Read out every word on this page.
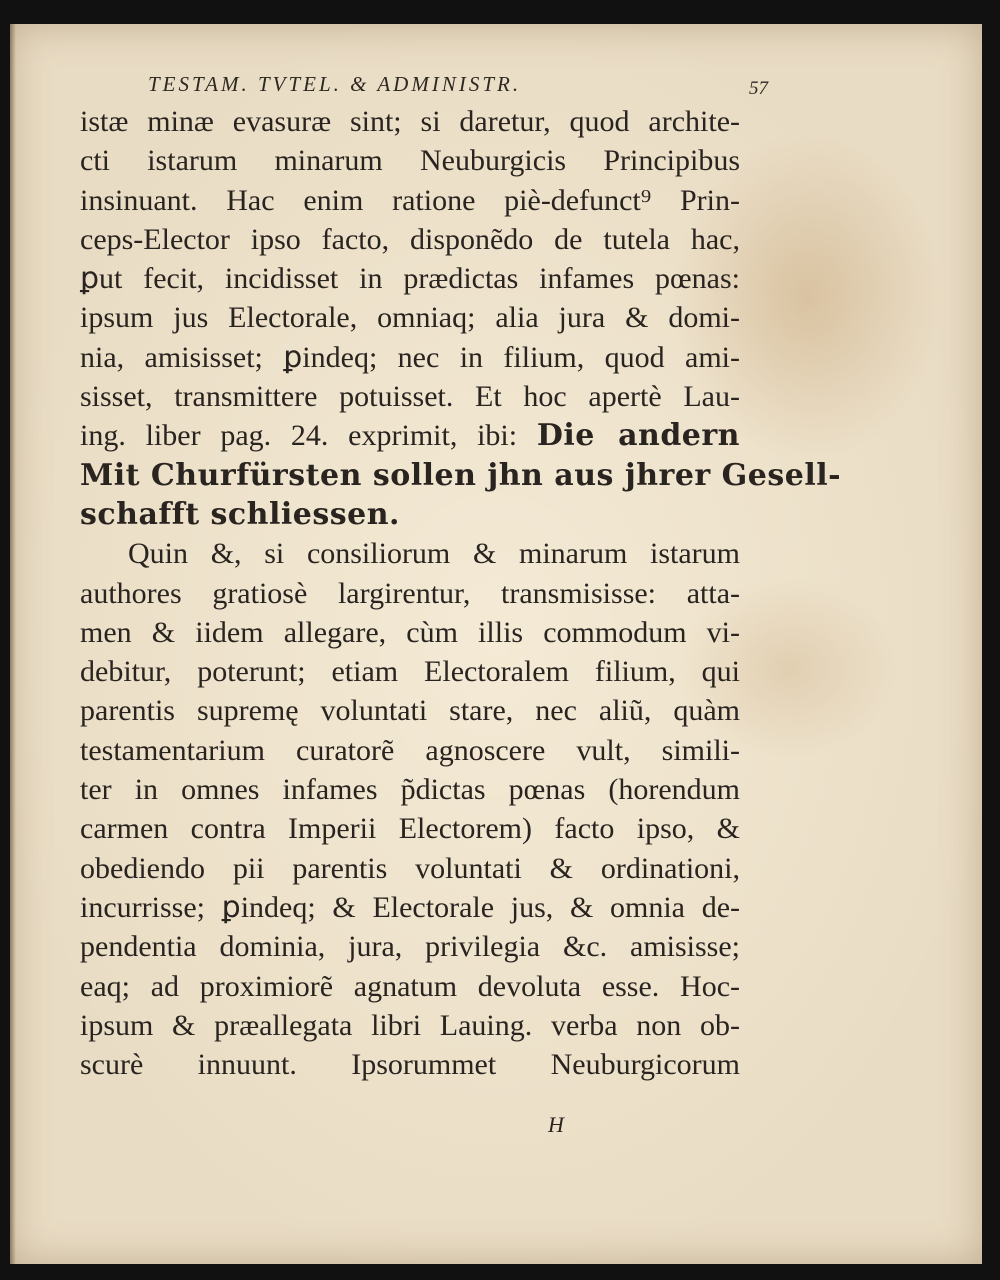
TESTAM. TVTEL. & ADMINISTR.	57
istæ minæ evasuræ sint; si daretur, quod archite-
cti istarum minarum Neuburgicis Principibus
insinuant. Hac enim ratione piè-defunct⁹ Prin-
ceps-Elector ipso facto, disponẽdo de tutela hac,
ꝑut fecit, incidisset in prædictas infames pœnas:
ipsum jus Electorale, omniaq; alia jura & domi-
nia, amisisset; ꝑindeq; nec in filium, quod ami-
sisset, transmittere potuisset. Et hoc apertè Lau-
ing. liber pag. 24. exprimit, ibi: Die andern
Mit Churfürsten sollen jhn aus jhrer Gesell-
schafft schliessen.
Quin &, si consiliorum & minarum istarum
authores gratiosè largirentur, transmisisse: atta-
men & iidem allegare, cùm illis commodum vi-
debitur, poterunt; etiam Electoralem filium, qui
parentis supremę voluntati stare, nec aliũ, quàm
testamentarium curatorẽ agnoscere vult, simili-
ter in omnes infames p̃dictas pœnas (horendum
carmen contra Imperii Electorem) facto ipso, &
obediendo pii parentis voluntati & ordinationi,
incurrisse; ꝑindeq; & Electorale jus, & omnia de-
pendentia dominia, jura, privilegia &c. amisisse;
eaq; ad proximiorẽ agnatum devoluta esse. Hoc-
ipsum & præallegata libri Lauing. verba non ob-
scurè innuunt. Ipsorummet Neuburgicorum
H
